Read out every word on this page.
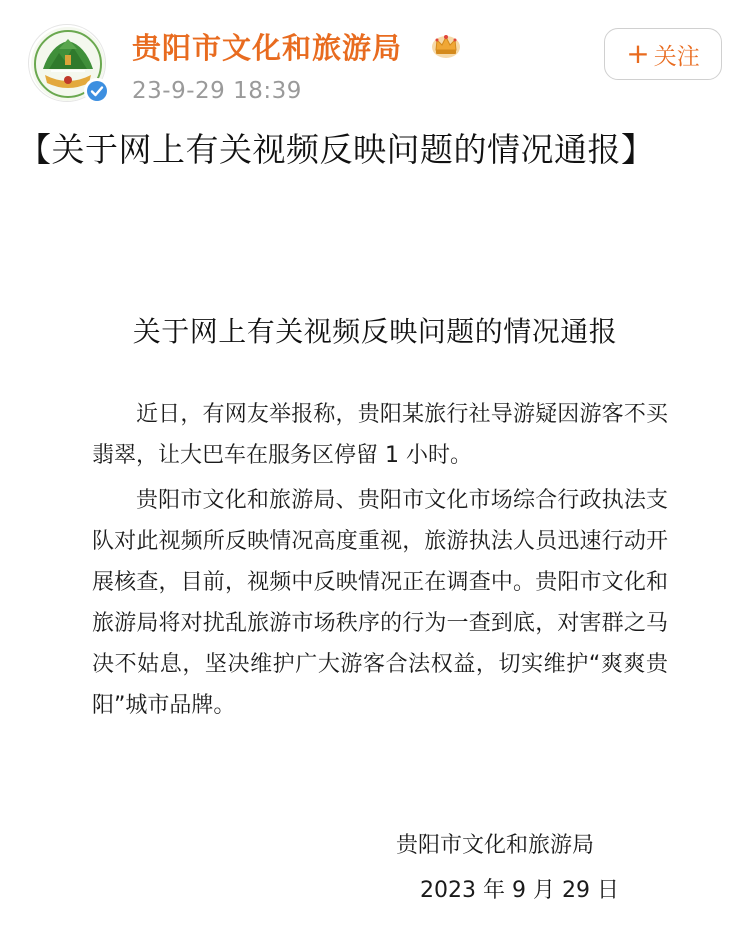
贵阳市文化和旅游局
23-9-29 18:39
+ 关注
【关于网上有关视频反映问题的情况通报】
关于网上有关视频反映问题的情况通报

近日，有网友举报称，贵阳某旅行社导游疑因游客不买翡翠，让大巴车在服务区停留 1 小时。

贵阳市文化和旅游局、贵阳市文化市场综合行政执法支队对此视频所反映情况高度重视，旅游执法人员迅速行动开展核查，目前，视频中反映情况正在调查中。贵阳市文化和旅游局将对扰乱旅游市场秩序的行为一查到底，对害群之马决不姑息，坚决维护广大游客合法权益，切实维护“爽爽贵阳”城市品牌。

贵阳市文化和旅游局
2023 年 9 月 29 日
